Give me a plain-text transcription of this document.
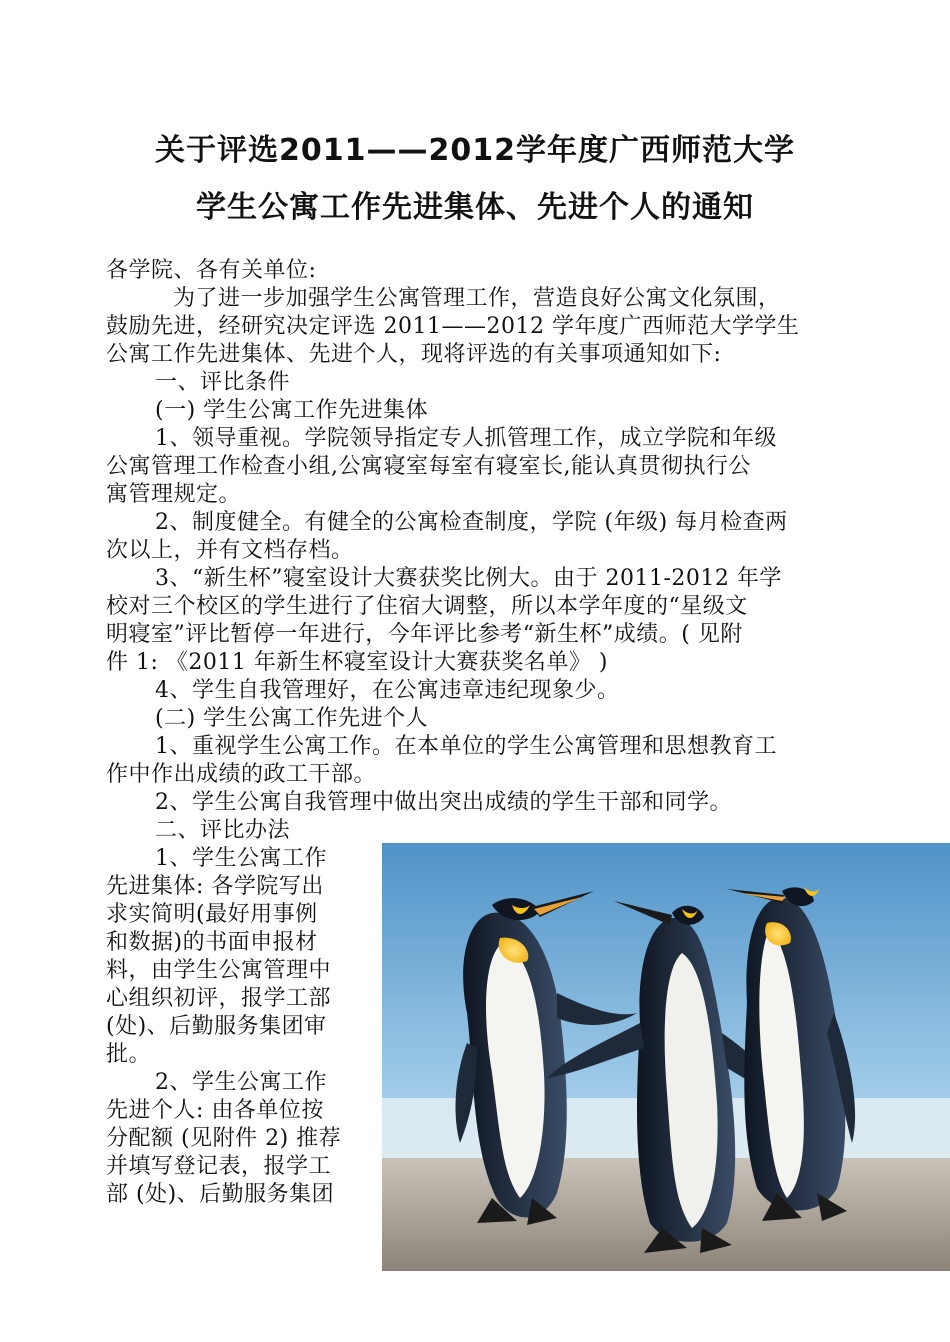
关于评选2011——2012学年度广西师范大学
学生公寓工作先进集体、先进个人的通知
各学院、各有关单位:
为了进一步加强学生公寓管理工作，营造良好公寓文化氛围，
鼓励先进，经研究决定评选 2011——2012 学年度广西师范大学学生
公寓工作先进集体、先进个人，现将评选的有关事项通知如下:
一、评比条件
(一) 学生公寓工作先进集体
1、领导重视。学院领导指定专人抓管理工作，成立学院和年级
公寓管理工作检查小组,公寓寝室每室有寝室长,能认真贯彻执行公
寓管理规定。
2、制度健全。有健全的公寓检查制度，学院 (年级) 每月检查两
次以上，并有文档存档。
3、“新生杯”寝室设计大赛获奖比例大。由于 2011-2012 年学
校对三个校区的学生进行了住宿大调整，所以本学年度的“星级文
明寝室”评比暂停一年进行，今年评比参考“新生杯”成绩。( 见附
件 1: 《2011 年新生杯寝室设计大赛获奖名单》 )
4、学生自我管理好，在公寓违章违纪现象少。
(二) 学生公寓工作先进个人
1、重视学生公寓工作。在本单位的学生公寓管理和思想教育工
作中作出成绩的政工干部。
2、学生公寓自我管理中做出突出成绩的学生干部和同学。
二、评比办法
1、学生公寓工作
先进集体: 各学院写出
求实简明(最好用事例
和数据)的书面申报材
料，由学生公寓管理中
心组织初评，报学工部
(处)、后勤服务集团审
批。
2、学生公寓工作
先进个人: 由各单位按
分配额 (见附件 2) 推荐
并填写登记表，报学工
部 (处)、后勤服务集团
